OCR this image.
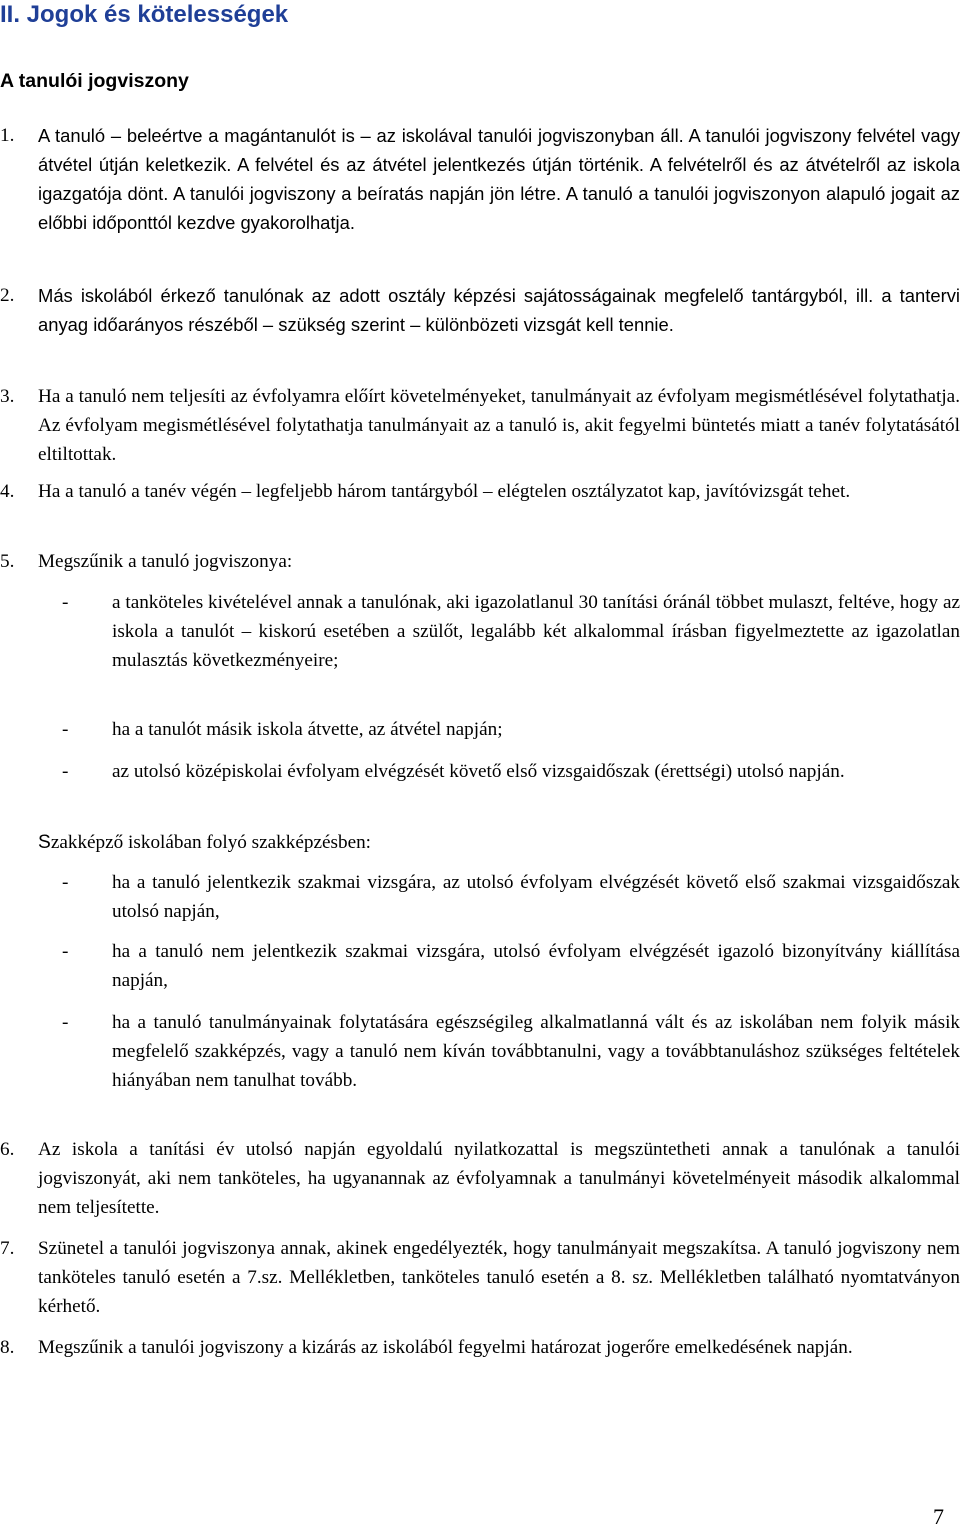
II. Jogok és kötelességek
A tanulói jogviszony
1.	A tanuló – beleértve a magántanulót is – az iskolával tanulói jogviszonyban áll. A tanulói jogviszony felvétel vagy átvétel útján keletkezik. A felvétel és az átvétel jelentkezés útján történik. A felvételről és az átvételről az iskola igazgatója dönt. A tanulói jogviszony a beíratás napján jön létre. A tanuló a tanulói jogviszonyon alapuló jogait az előbbi időponttól kezdve gyakorolhatja.
2.	Más iskolából érkező tanulónak az adott osztály képzési sajátosságainak megfelelő tantárgyból, ill. a tantervi anyag időarányos részéből – szükség szerint – különbözeti vizsgát kell tennie.
3.	Ha a tanuló nem teljesíti az évfolyamra előírt követelményeket, tanulmányait az évfolyam megismétlésével folytathatja. Az évfolyam megismétlésével folytathatja tanulmányait az a tanuló is, akit fegyelmi büntetés miatt a tanév folytatásától eltiltottak.
4.	Ha a tanuló a tanév végén – legfeljebb három tantárgyból – elégtelen osztályzatot kap, javítóvizsgát tehet.
5.	Megszűnik a tanuló jogviszonya:
-	a tanköteles kivételével annak a tanulónak, aki igazolatlanul 30 tanítási óránál többet mulaszt, feltéve, hogy az iskola a tanulót – kiskorú esetében a szülőt, legalább két alkalommal írásban figyelmeztette az igazolatlan mulasztás következményeire;
-	ha a tanulót másik iskola átvette, az átvétel napján;
-	az utolsó középiskolai évfolyam elvégzését követő első vizsgaidőszak (érettségi) utolsó napján.
Szakképző iskolában folyó szakképzésben:
-	ha a tanuló jelentkezik szakmai vizsgára, az utolsó évfolyam elvégzését követő első szakmai vizsgaidőszak utolsó napján,
-	ha a tanuló nem jelentkezik szakmai vizsgára, utolsó évfolyam elvégzését igazoló bizonyítvány kiállítása napján,
-	ha a tanuló tanulmányainak folytatására egészségileg alkalmatlanná vált és az iskolában nem folyik másik megfelelő szakképzés, vagy a tanuló nem kíván továbbtanulni, vagy a továbbtanuláshoz szükséges feltételek hiányában nem tanulhat tovább.
6.	Az iskola a tanítási év utolsó napján egyoldalú nyilatkozattal is megszüntetheti annak a tanulónak a tanulói jogviszonyát, aki nem tanköteles, ha ugyanannak az évfolyamnak a tanulmányi követelményeit második alkalommal nem teljesítette.
7.	Szünetel a tanulói jogviszonya annak, akinek engedélyezték, hogy tanulmányait megszakítsa. A tanuló jogviszony nem tanköteles tanuló esetén a 7.sz. Mellékletben, tanköteles tanuló esetén a 8. sz. Mellékletben található nyomtatványon kérhető.
8.	Megszűnik a tanulói jogviszony a kizárás az iskolából fegyelmi határozat jogerőre emelkedésének napján.
7
